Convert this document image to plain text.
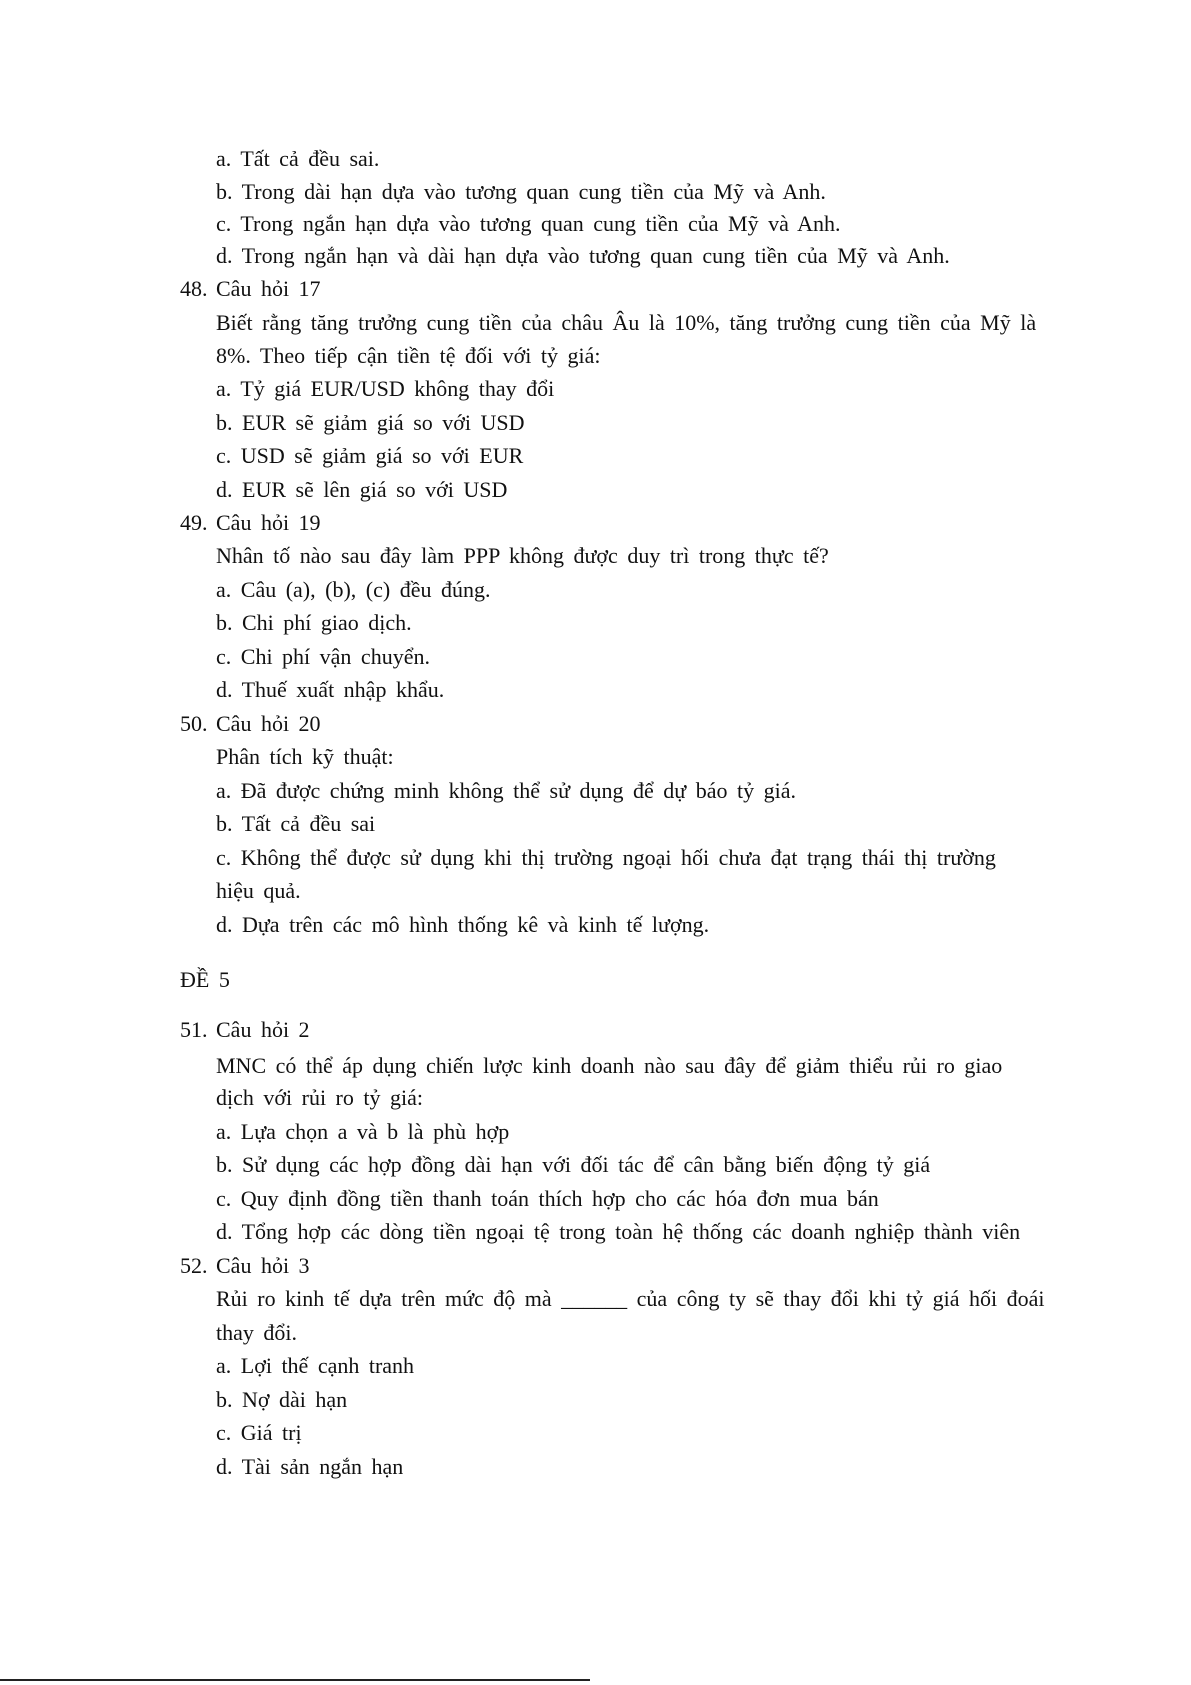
a. Tất cả đều sai.
b. Trong dài hạn dựa vào tương quan cung tiền của Mỹ và Anh.
c. Trong ngắn hạn dựa vào tương quan cung tiền của Mỹ và Anh.
d. Trong ngắn hạn và dài hạn dựa vào tương quan cung tiền của Mỹ và Anh.
48. Câu hỏi 17
Biết rằng tăng trưởng cung tiền của châu Âu là 10%, tăng trưởng cung tiền của Mỹ là
8%. Theo tiếp cận tiền tệ đối với tỷ giá:
a. Tỷ giá EUR/USD không thay đổi
b. EUR sẽ giảm giá so với USD
c. USD sẽ giảm giá so với EUR
d. EUR sẽ lên giá so với USD
49. Câu hỏi 19
Nhân tố nào sau đây làm PPP không được duy trì trong thực tế?
a. Câu (a), (b), (c) đều đúng.
b. Chi phí giao dịch.
c. Chi phí vận chuyển.
d. Thuế xuất nhập khẩu.
50. Câu hỏi 20
Phân tích kỹ thuật:
a. Đã được chứng minh không thể sử dụng để dự báo tỷ giá.
b. Tất cả đều sai
c. Không thể được sử dụng khi thị trường ngoại hối chưa đạt trạng thái thị trường
hiệu quả.
d. Dựa trên các mô hình thống kê và kinh tế lượng.
ĐỀ 5
51. Câu hỏi 2
MNC có thể áp dụng chiến lược kinh doanh nào sau đây để giảm thiểu rủi ro giao
dịch với rủi ro tỷ giá:
a. Lựa chọn a và b là phù hợp
b. Sử dụng các hợp đồng dài hạn với đối tác để cân bằng biến động tỷ giá
c. Quy định đồng tiền thanh toán thích hợp cho các hóa đơn mua bán
d. Tổng hợp các dòng tiền ngoại tệ trong toàn hệ thống các doanh nghiệp thành viên
52. Câu hỏi 3
Rủi ro kinh tế dựa trên mức độ mà ______ của công ty sẽ thay đổi khi tỷ giá hối đoái
thay đổi.
a. Lợi thế cạnh tranh
b. Nợ dài hạn
c. Giá trị
d. Tài sản ngắn hạn
